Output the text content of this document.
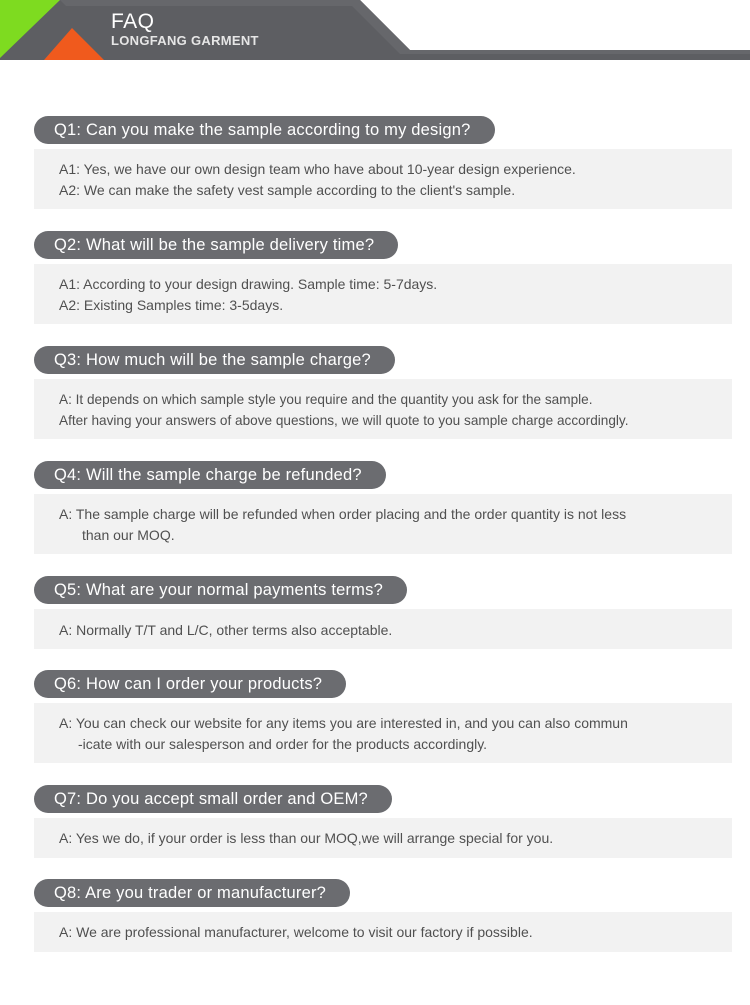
FAQ
LONGFANG GARMENT
Q1: Can you make the sample according to my design?
A1: Yes, we have our own design team who have about 10-year design experience.
A2: We can make the safety vest sample according to the client's sample.
Q2: What will be the sample delivery time?
A1: According to your design drawing. Sample time: 5-7days.
A2: Existing Samples time: 3-5days.
Q3: How much will be the sample charge?
A: It depends on which sample style you require and the quantity you ask for the sample.
After having your answers of above questions, we will quote to you sample charge accordingly.
Q4: Will the sample charge be refunded?
A: The sample charge will be refunded when order placing and the order quantity is not less
than our MOQ.
Q5: What are your normal payments terms?
A: Normally T/T and L/C, other terms also acceptable.
Q6: How can I order your products?
A: You can check our website for any items you are interested in, and you can also commun
-icate with our salesperson and order for the products accordingly.
Q7: Do you accept small order and OEM?
A: Yes we do, if your order is less than our MOQ,we will arrange special for you.
Q8: Are you trader or manufacturer?
A: We are professional manufacturer, welcome to visit our factory if possible.
